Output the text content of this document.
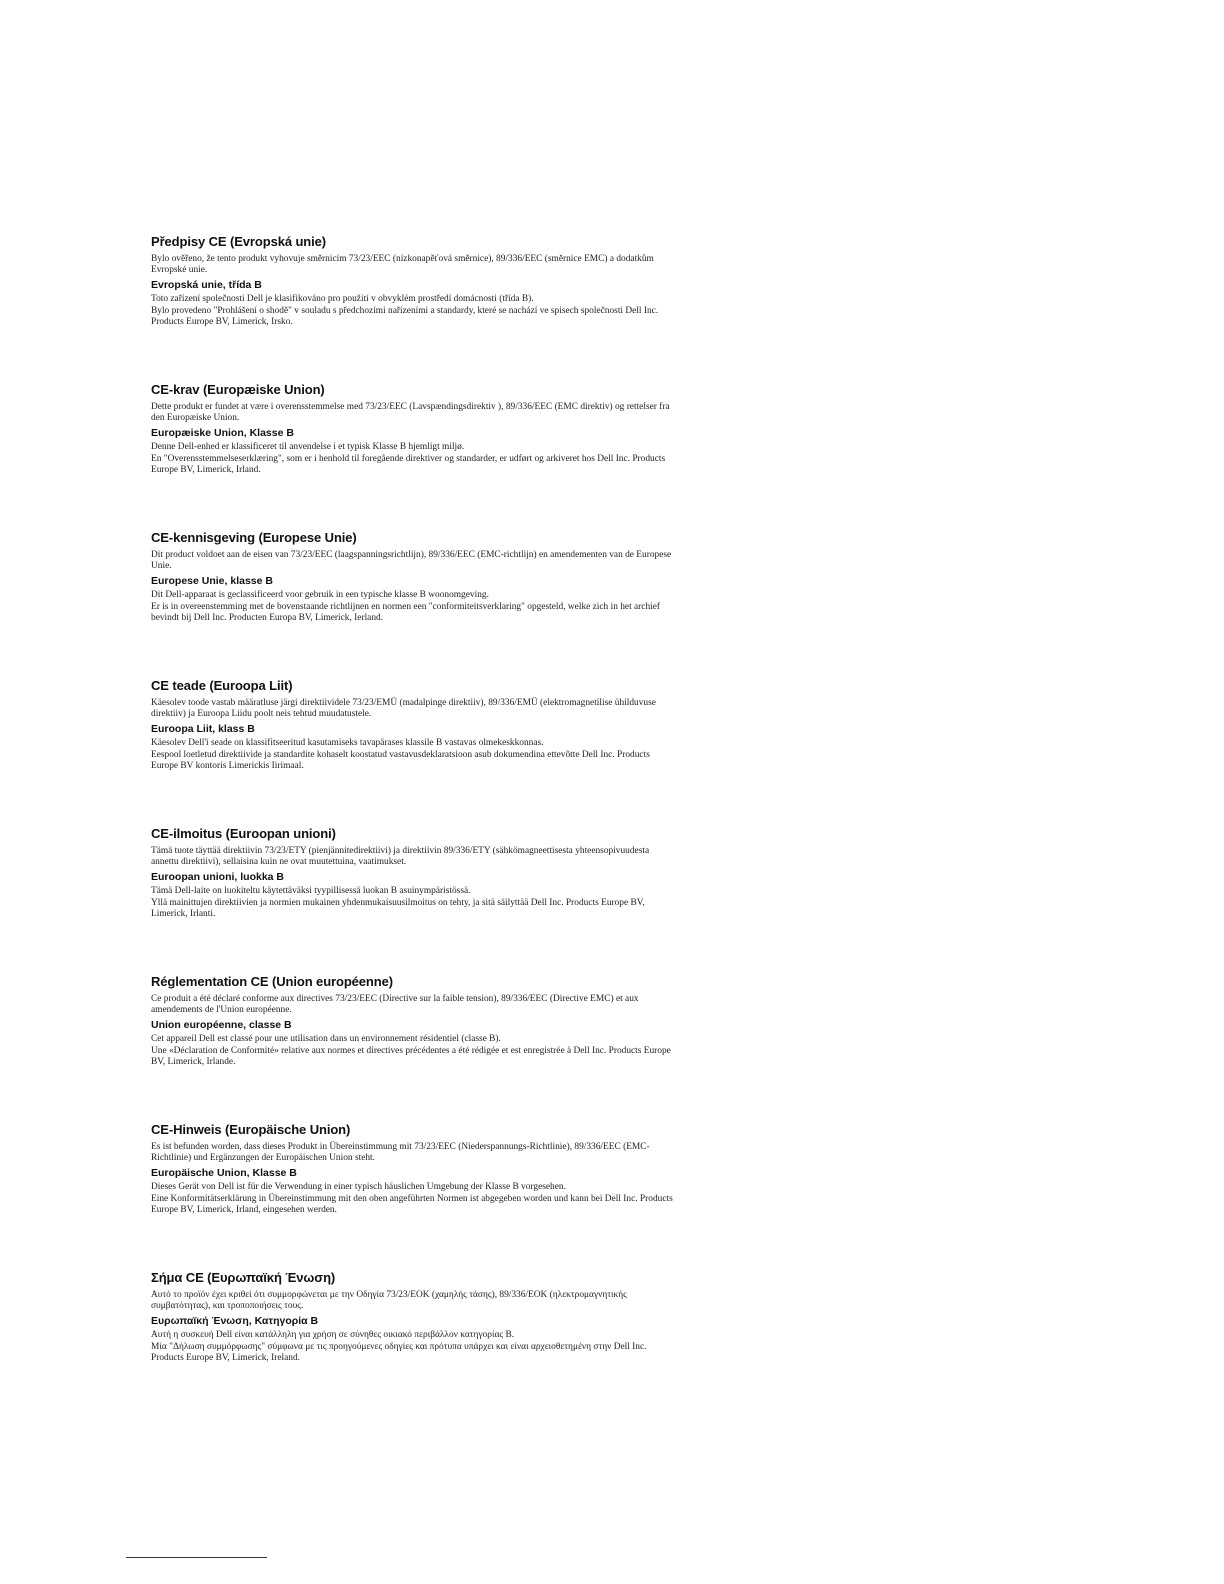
Předpisy CE (Evropská unie)
Bylo ověřeno, že tento produkt vyhovuje směrnicím 73/23/EEC (nízkonapěťová směrnice), 89/336/EEC (směrnice EMC) a dodatkům Evropské unie.
Evropská unie, třída B
Toto zařízení společnosti Dell je klasifikováno pro použití v obvyklém prostředí domácnosti (třída B).
Bylo provedeno "Prohlášení o shodě" v souladu s předchozími nařízeními a standardy, které se nachází ve spisech společnosti Dell Inc. Products Europe BV, Limerick, Irsko.
CE-krav (Europæiske Union)
Dette produkt er fundet at være i overensstemmelse med 73/23/EEC (Lavspændingsdirektiv ), 89/336/EEC (EMC direktiv) og rettelser fra den Europæiske Union.
Europæiske Union, Klasse B
Denne Dell-enhed er klassificeret til anvendelse i et typisk Klasse B hjemligt miljø.
En "Overensstemmelseserklæring", som er i henhold til foregående direktiver og standarder, er udført og arkiveret hos Dell Inc. Products Europe BV, Limerick, Irland.
CE-kennisgeving (Europese Unie)
Dit product voldoet aan de eisen van 73/23/EEC (laagspanningsrichtlijn), 89/336/EEC (EMC-richtlijn) en amendementen van de Europese Unie.
Europese Unie, klasse B
Dit Dell-apparaat is geclassificeerd voor gebruik in een typische klasse B woonomgeving.
Er is in overeenstemming met de bovenstaande richtlijnen en normen een "conformiteitsverklaring" opgesteld, welke zich in het archief bevindt bij Dell Inc. Producten Europa BV, Limerick, Ierland.
CE teade (Euroopa Liit)
Käesolev toode vastab määratluse järgi direktiividele 73/23/EMÜ (madalpinge direktiiv), 89/336/EMÜ (elektromagnetilise ühilduvuse direktiiv) ja Euroopa Liidu poolt neis tehtud muudatustele.
Euroopa Liit, klass B
Käesolev Dell'i seade on klassifitseeritud kasutamiseks tavapärases klassile B vastavas olmekeskkonnas.
Eespool loetletud direktiivide ja standardite kohaselt koostatud vastavusdeklaratsioon asub dokumendina ettevõtte Dell Inc. Products Europe BV kontoris Limerickis Iirimaal.
CE-ilmoitus (Euroopan unioni)
Tämä tuote täyttää direktiivin 73/23/ETY (pienjännitedirektiivi) ja direktiivin 89/336/ETY (sähkömagneettisesta yhteensopivuudesta annettu direktiivi), sellaisina kuin ne ovat muutettuina, vaatimukset.
Euroopan unioni, luokka B
Tämä Dell-laite on luokiteltu käytettäväksi tyypillisessä luokan B asuinympäristössä.
Yllä mainittujen direktiivien ja normien mukainen yhdenmukaisuusilmoitus on tehty, ja sitä säilyttää Dell Inc. Products Europe BV, Limerick, Irlanti.
Réglementation CE (Union européenne)
Ce produit a été déclaré conforme aux directives 73/23/EEC (Directive sur la faible tension), 89/336/EEC (Directive EMC) et aux amendements de l'Union européenne.
Union européenne, classe B
Cet appareil Dell est classé pour une utilisation dans un environnement résidentiel (classe B).
Une «Déclaration de Conformité» relative aux normes et directives précédentes a été rédigée et est enregistrée à Dell Inc. Products Europe BV, Limerick, Irlande.
CE-Hinweis (Europäische Union)
Es ist befunden worden, dass dieses Produkt in Übereinstimmung mit 73/23/EEC (Niederspannungs-Richtlinie), 89/336/EEC (EMC-Richtlinie) und Ergänzungen der Europäischen Union steht.
Europäische Union, Klasse B
Dieses Gerät von Dell ist für die Verwendung in einer typisch häuslichen Umgebung der Klasse B vorgesehen.
Eine Konformitätserklärung in Übereinstimmung mit den oben angeführten Normen ist abgegeben worden und kann bei Dell Inc. Products Europe BV, Limerick, Irland, eingesehen werden.
Σήμα CE (Ευρωπαϊκή Ένωση)
Αυτό το προϊόν έχει κριθεί ότι συμμορφώνεται με την Οδηγία 73/23/EOK (χαμηλής τάσης), 89/336/EOK (ηλεκτρομαγνητικής συμβατότητας), και τροποποιήσεις τους.
Ευρωπαϊκή Ένωση, Κατηγορία B
Αυτή η συσκευή Dell είναι κατάλληλη για χρήση σε σύνηθες οικιακό περιβάλλον κατηγορίας B.
Μία "Δήλωση συμμόρφωσης" σύμφωνα με τις προηγούμενες οδηγίες και πρότυπα υπάρχει και είναι αρχειοθετημένη στην Dell Inc. Products Europe BV, Limerick, Ireland.
